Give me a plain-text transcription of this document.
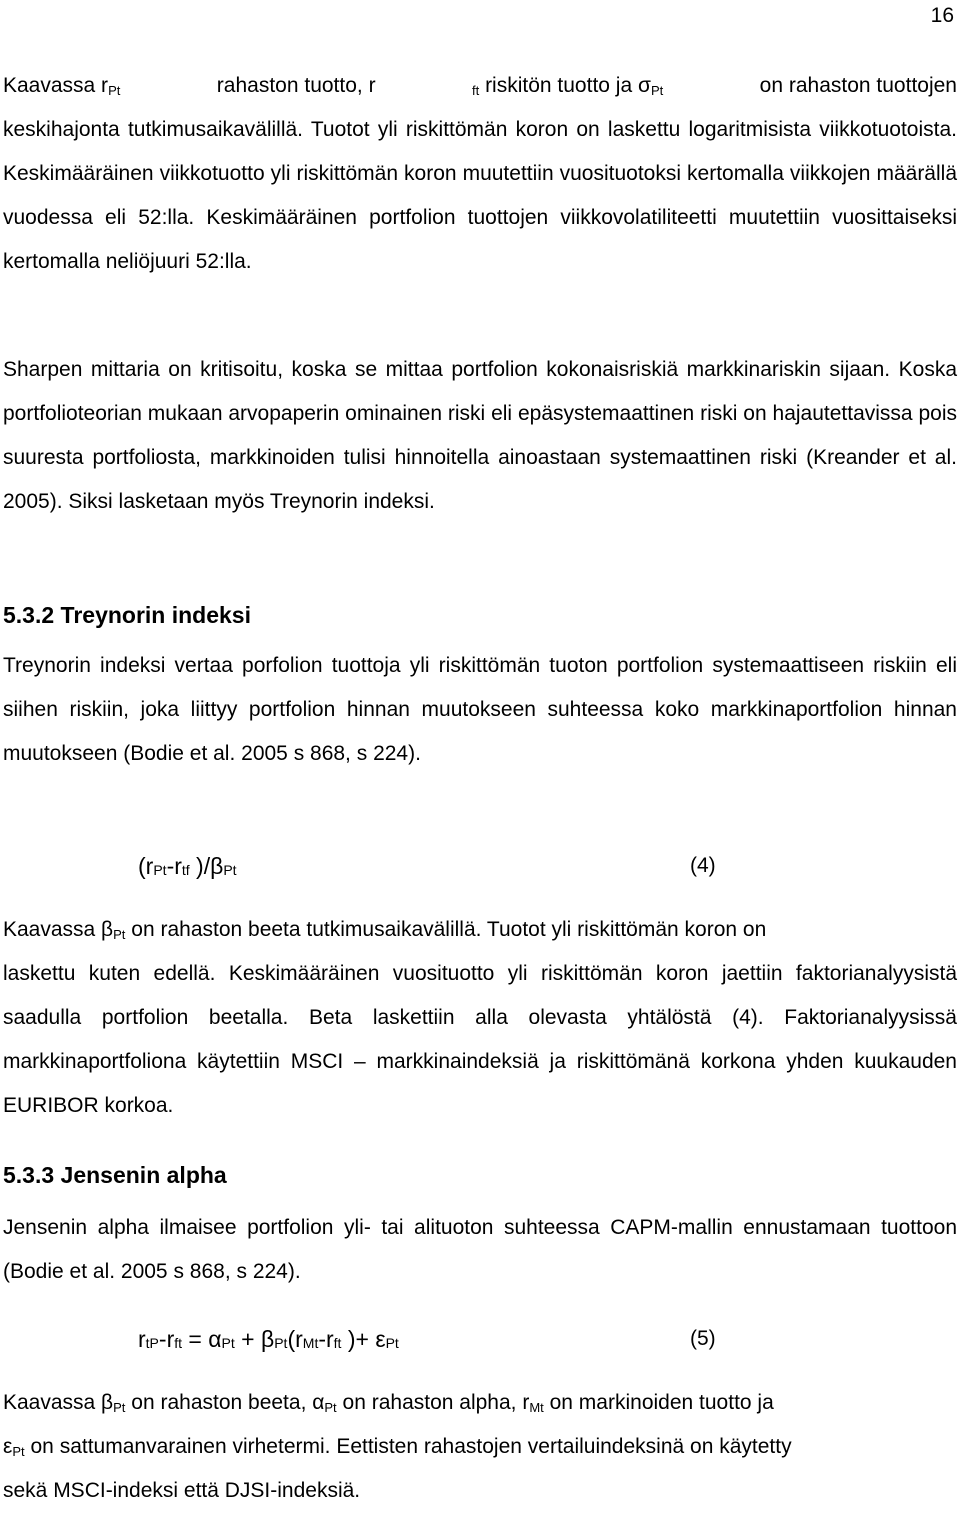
16
Kaavassa $r_{Pt}$	rahaston tuotto, r	$_{ft}$ riskitön tuotto ja $\sigma_{Pt}$	on rahaston tuottojen
keskihajonta tutkimusaikavälillä. Tuotot yli riskittömän koron on laskettu logaritmisista viikkotuotoista. Keskimääräinen viikkotuotto yli riskittömän koron muutettiin vuosituotoksi kertomalla viikkojen määrällä vuodessa eli 52:lla. Keskimääräinen portfolion tuottojen viikkovolatiliteetti muutettiin vuosittaiseksi kertomalla neliöjuuri 52:lla.
Sharpen mittaria on kritisoitu, koska se mittaa portfolion kokonaisriskiä markkinariskin sijaan. Koska portfolioteorian mukaan arvopaperin ominainen riski eli epäsystemaattinen riski on hajautettavissa pois suuresta portfoliosta, markkinoiden tulisi hinnoitella ainoastaan systemaattinen riski (Kreander et al. 2005). Siksi lasketaan myös Treynorin indeksi.
5.3.2 Treynorin indeksi
Treynorin indeksi vertaa porfolion tuottoja yli riskittömän tuoton portfolion systemaattiseen riskiin eli siihen riskiin, joka liittyy portfolion hinnan muutokseen suhteessa koko markkinaportfolion hinnan muutokseen (Bodie et al. 2005 s 868, s 224).
($r_{Pt}-r_{tf}$ )$/\beta_{Pt}$	(4)
Kaavassa $\beta_{Pt}$ on rahaston beeta tutkimusaikavälillä. Tuotot yli riskittömän koron on
laskettu kuten edellä. Keskimääräinen vuosituotto yli riskittömän koron jaettiin faktorianalyysistä saadulla portfolion beetalla. Beta laskettiin alla olevasta yhtälöstä (4). Faktorianalyysissä markkinaportfoliona käytettiin MSCI – markkinaindeksiä ja riskittömänä korkona yhden kuukauden EURIBOR korkoa.
5.3.3 Jensenin alpha
Jensenin alpha ilmaisee portfolion yli- tai alituoton suhteessa CAPM-mallin ennustamaan tuottoon (Bodie et al. 2005 s 868, s 224).
$r_{tP}-r_{ft} = \alpha_{Pt} + \beta_{Pt}(r_{Mt}-r_{ft}$ )+ $\varepsilon_{Pt}$	(5)
Kaavassa $\beta_{Pt}$ on rahaston beeta, $\alpha_{Pt}$ on rahaston alpha, $r_{Mt}$ on markinoiden tuotto ja
$\varepsilon_{Pt}$ on sattumanvarainen virhetermi. Eettisten rahastojen vertailuindeksinä on käytetty
sekä MSCI-indeksi että DJSI-indeksiä.
